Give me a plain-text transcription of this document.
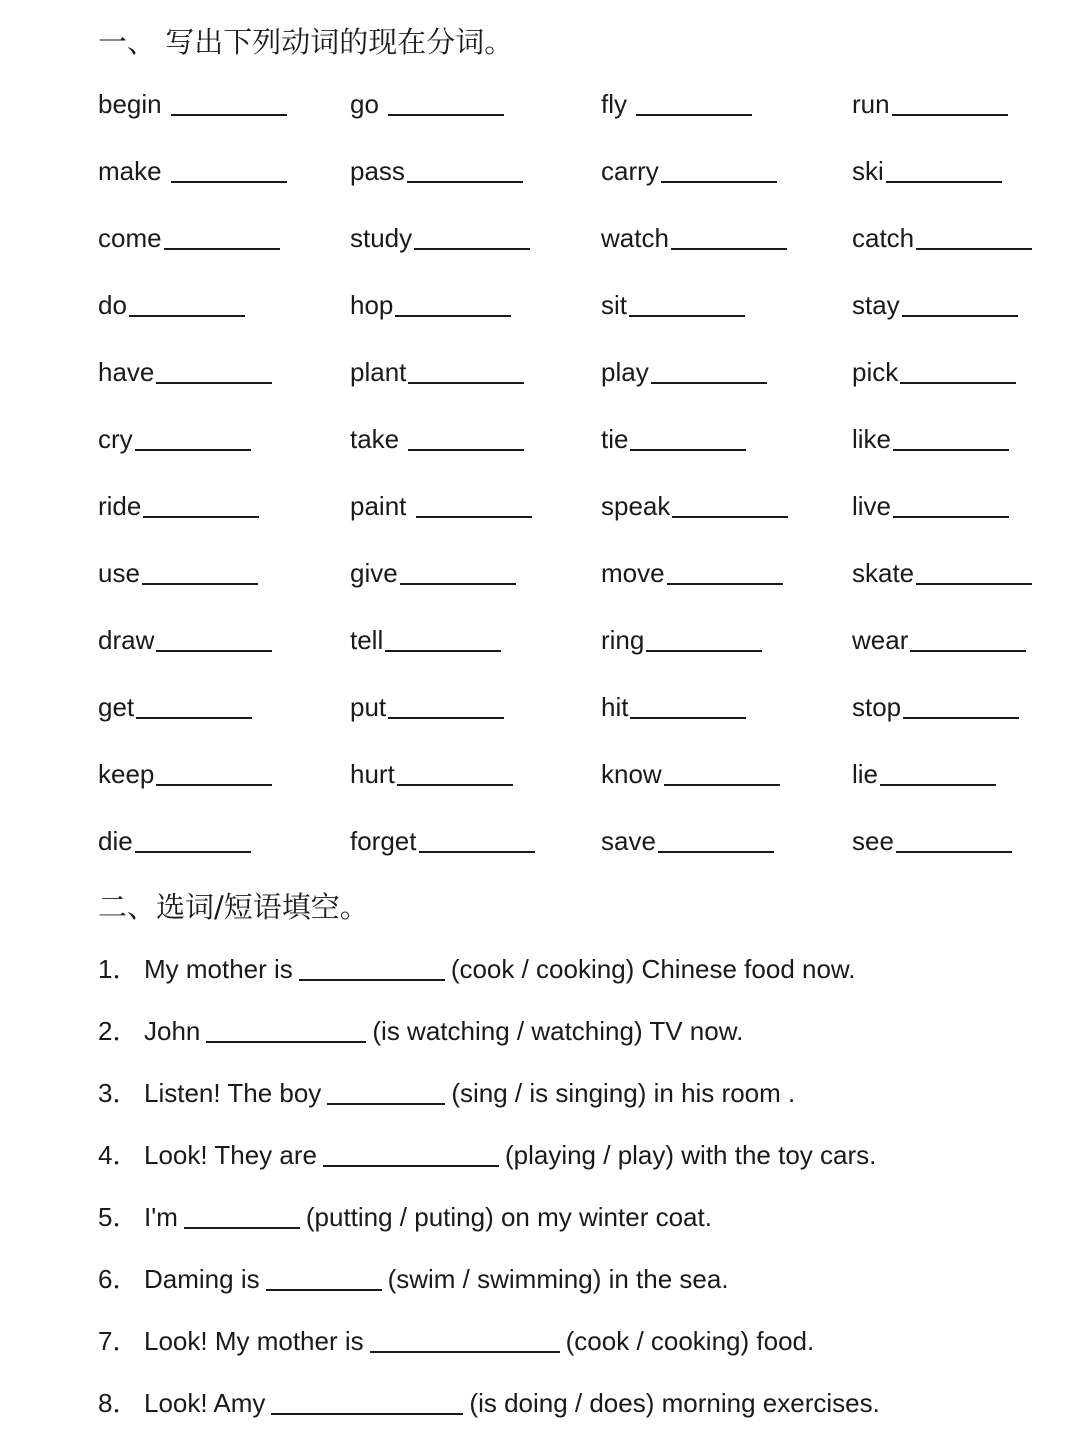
一、 写出下列动词的现在分词。
begin	go	fly	run
make	pass	carry	ski
come	study	watch	catch
do	hop	sit	stay
have	plant	play	pick
cry	take	tie	like
ride	paint	speak	live
use	give	move	skate
draw	tell	ring	wear
get	put	hit	stop
keep	hurt	know	lie
die	forget	save	see
二、选词/短语填空。
1． My mother is	(cook / cooking) Chinese food now.
2． John	(is watching / watching) TV now.
3． Listen! The boy	(sing / is singing) in his room .
4． Look! They are	(playing / play) with the toy cars.
5． I'm	(putting / puting) on my winter coat.
6． Daming is	(swim / swimming) in the sea.
7． Look! My mother is	(cook / cooking) food.
8． Look! Amy	(is doing / does) morning exercises.
